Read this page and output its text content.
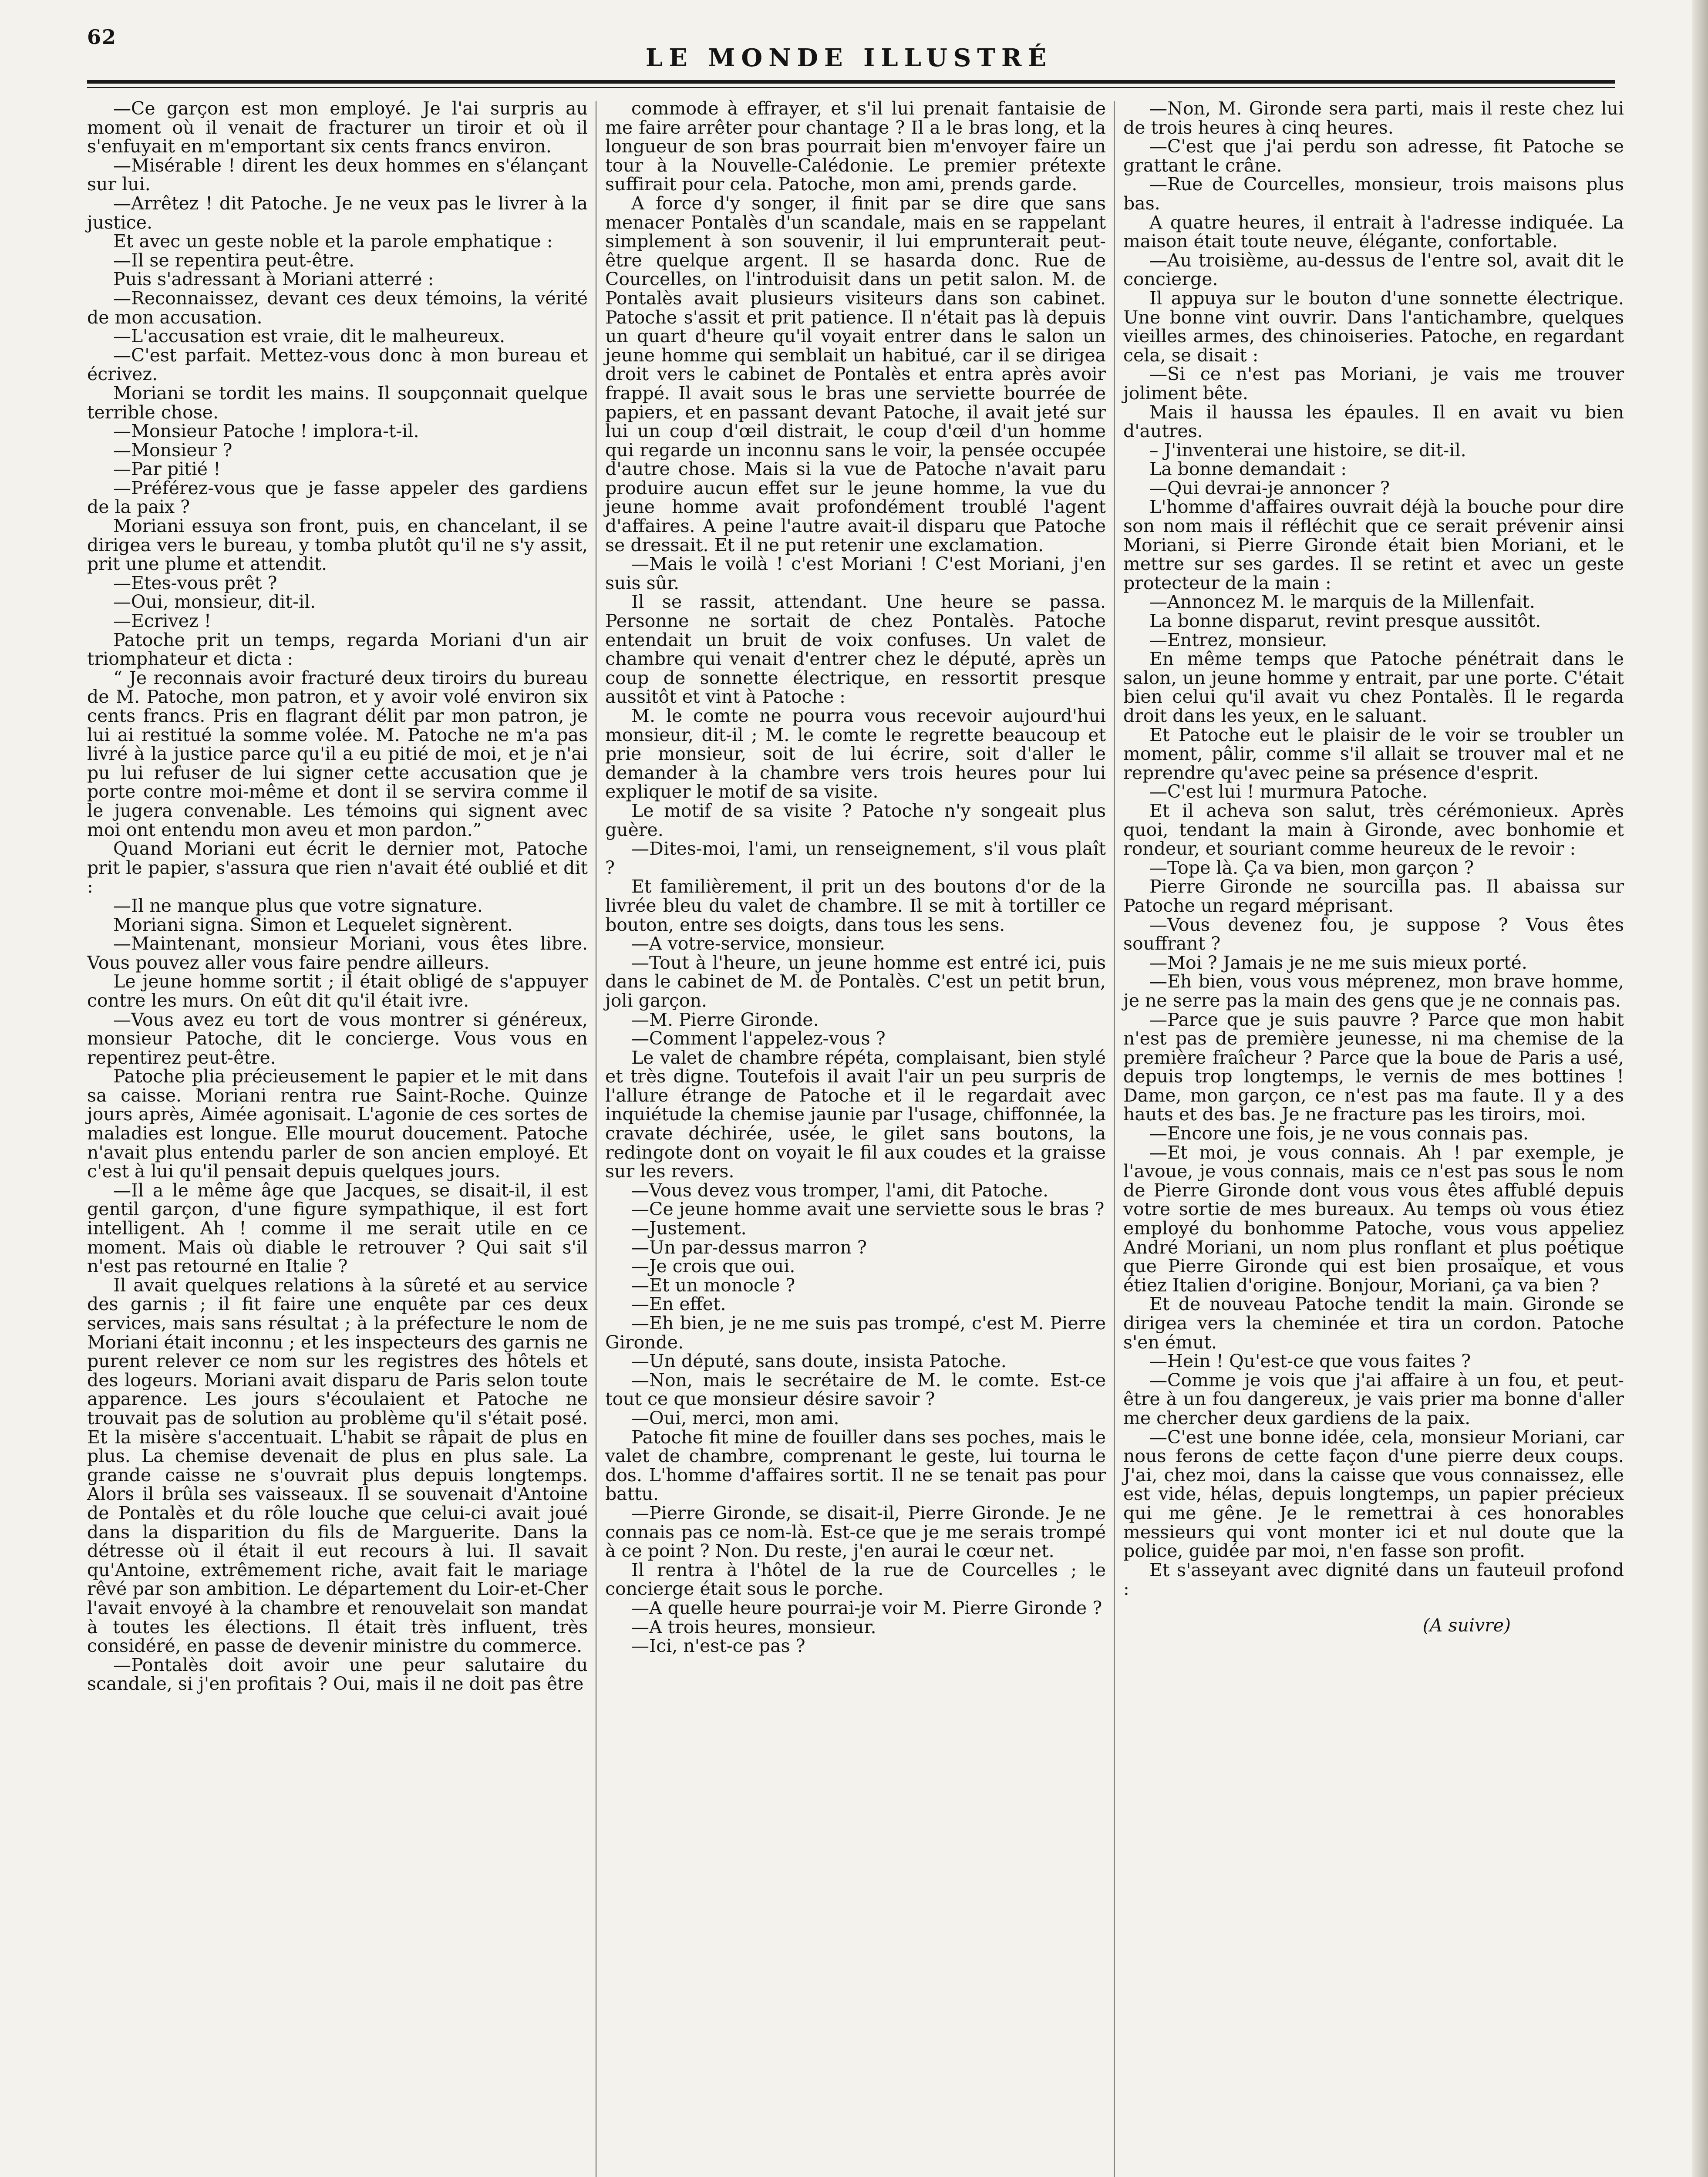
62
LE MONDE ILLUSTRÉ

—Ce garçon est mon employé. Je l'ai surpris au moment où il venait de fracturer un tiroir et où il s'enfuyait en m'emportant six cents francs environ.

—Misérable ! dirent les deux hommes en s'élançant sur lui.

—Arrêtez ! dit Patoche. Je ne veux pas le livrer à la justice.

Et avec un geste noble et la parole emphatique :

—Il se repentira peut-être.

Puis s'adressant à Moriani atterré :

—Reconnaissez, devant ces deux témoins, la vérité de mon accusation.

—L'accusation est vraie, dit le malheureux.

—C'est parfait. Mettez-vous donc à mon bureau et écrivez.

Moriani se tordit les mains. Il soupçonnait quelque terrible chose.

—Monsieur Patoche ! implora-t-il.

—Monsieur ?

—Par pitié !

—Préférez-vous que je fasse appeler des gardiens de la paix ?

Moriani essuya son front, puis, en chancelant, il se dirigea vers le bureau, y tomba plutôt qu'il ne s'y assit, prit une plume et attendit.

—Etes-vous prêt ?

—Oui, monsieur, dit-il.

—Ecrivez !

Patoche prit un temps, regarda Moriani d'un air triomphateur et dicta :

“ Je reconnais avoir fracturé deux tiroirs du bureau de M. Patoche, mon patron, et y avoir volé environ six cents francs. Pris en flagrant délit par mon patron, je lui ai restitué la somme volée. M. Patoche ne m'a pas livré à la justice parce qu'il a eu pitié de moi, et je n'ai pu lui refuser de lui signer cette accusation que je porte contre moi-même et dont il se servira comme il le jugera convenable. Les témoins qui signent avec moi ont entendu mon aveu et mon pardon.”

Quand Moriani eut écrit le dernier mot, Patoche prit le papier, s'assura que rien n'avait été oublié et dit :

—Il ne manque plus que votre signature.

Moriani signa. Simon et Lequelet signèrent.

—Maintenant, monsieur Moriani, vous êtes libre. Vous pouvez aller vous faire pendre ailleurs.

Le jeune homme sortit ; il était obligé de s'appuyer contre les murs. On eût dit qu'il était ivre.

—Vous avez eu tort de vous montrer si généreux, monsieur Patoche, dit le concierge. Vous vous en repentirez peut-être.

Patoche plia précieusement le papier et le mit dans sa caisse. Moriani rentra rue Saint-Roche. Quinze jours après, Aimée agonisait. L'agonie de ces sortes de maladies est longue. Elle mourut doucement. Patoche n'avait plus entendu parler de son ancien employé. Et c'est à lui qu'il pensait depuis quelques jours.

—Il a le même âge que Jacques, se disait-il, il est gentil garçon, d'une figure sympathique, il est fort intelligent. Ah ! comme il me serait utile en ce moment. Mais où diable le retrouver ? Qui sait s'il n'est pas retourné en Italie ?

Il avait quelques relations à la sûreté et au service des garnis ; il fit faire une enquête par ces deux services, mais sans résultat ; à la préfecture le nom de Moriani était inconnu ; et les inspecteurs des garnis ne purent relever ce nom sur les registres des hôtels et des logeurs. Moriani avait disparu de Paris selon toute apparence. Les jours s'écoulaient et Patoche ne trouvait pas de solution au problème qu'il s'était posé. Et la misère s'accentuait. L'habit se râpait de plus en plus. La chemise devenait de plus en plus sale. La grande caisse ne s'ouvrait plus depuis longtemps. Alors il brûla ses vaisseaux. Il se souvenait d'Antoine de Pontalès et du rôle louche que celui-ci avait joué dans la disparition du fils de Marguerite. Dans la détresse où il était il eut recours à lui. Il savait qu'Antoine, extrêmement riche, avait fait le mariage rêvé par son ambition. Le département du Loir-et-Cher l'avait envoyé à la chambre et renouvelait son mandat à toutes les élections. Il était très influent, très considéré, en passe de devenir ministre du commerce.

—Pontalès doit avoir une peur salutaire du scandale, si j'en profitais ? Oui, mais il ne doit pas être

commode à effrayer, et s'il lui prenait fantaisie de me faire arrêter pour chantage ? Il a le bras long, et la longueur de son bras pourrait bien m'envoyer faire un tour à la Nouvelle-Calédonie. Le premier prétexte suffirait pour cela. Patoche, mon ami, prends garde.

A force d'y songer, il finit par se dire que sans menacer Pontalès d'un scandale, mais en se rappelant simplement à son souvenir, il lui emprunterait peut-être quelque argent. Il se hasarda donc. Rue de Courcelles, on l'introduisit dans un petit salon. M. de Pontalès avait plusieurs visiteurs dans son cabinet. Patoche s'assit et prit patience. Il n'était pas là depuis un quart d'heure qu'il voyait entrer dans le salon un jeune homme qui semblait un habitué, car il se dirigea droit vers le cabinet de Pontalès et entra après avoir frappé. Il avait sous le bras une serviette bourrée de papiers, et en passant devant Patoche, il avait jeté sur lui un coup d'œil distrait, le coup d'œil d'un homme qui regarde un inconnu sans le voir, la pensée occupée d'autre chose. Mais si la vue de Patoche n'avait paru produire aucun effet sur le jeune homme, la vue du jeune homme avait profondément troublé l'agent d'affaires. A peine l'autre avait-il disparu que Patoche se dressait. Et il ne put retenir une exclamation.

—Mais le voilà ! c'est Moriani ! C'est Moriani, j'en suis sûr.

Il se rassit, attendant. Une heure se passa. Personne ne sortait de chez Pontalès. Patoche entendait un bruit de voix confuses. Un valet de chambre qui venait d'entrer chez le député, après un coup de sonnette électrique, en ressortit presque aussitôt et vint à Patoche :

M. le comte ne pourra vous recevoir aujourd'hui monsieur, dit-il ; M. le comte le regrette beaucoup et prie monsieur, soit de lui écrire, soit d'aller le demander à la chambre vers trois heures pour lui expliquer le motif de sa visite.

Le motif de sa visite ? Patoche n'y songeait plus guère.

—Dites-moi, l'ami, un renseignement, s'il vous plaît ?

Et familièrement, il prit un des boutons d'or de la livrée bleu du valet de chambre. Il se mit à tortiller ce bouton, entre ses doigts, dans tous les sens.

—A votre-service, monsieur.

—Tout à l'heure, un jeune homme est entré ici, puis dans le cabinet de M. de Pontalès. C'est un petit brun, joli garçon.

—M. Pierre Gironde.

—Comment l'appelez-vous ?

Le valet de chambre répéta, complaisant, bien stylé et très digne. Toutefois il avait l'air un peu surpris de l'allure étrange de Patoche et il le regardait avec inquiétude la chemise jaunie par l'usage, chiffonnée, la cravate déchirée, usée, le gilet sans boutons, la redingote dont on voyait le fil aux coudes et la graisse sur les revers.

—Vous devez vous tromper, l'ami, dit Patoche.

—Ce jeune homme avait une serviette sous le bras ?

—Justement.

—Un par-dessus marron ?

—Je crois que oui.

—Et un monocle ?

—En effet.

—Eh bien, je ne me suis pas trompé, c'est M. Pierre Gironde.

—Un député, sans doute, insista Patoche.

—Non, mais le secrétaire de M. le comte. Est-ce tout ce que monsieur désire savoir ?

—Oui, merci, mon ami.

Patoche fit mine de fouiller dans ses poches, mais le valet de chambre, comprenant le geste, lui tourna le dos. L'homme d'affaires sortit. Il ne se tenait pas pour battu.

—Pierre Gironde, se disait-il, Pierre Gironde. Je ne connais pas ce nom-là. Est-ce que je me serais trompé à ce point ? Non. Du reste, j'en aurai le cœur net.

Il rentra à l'hôtel de la rue de Courcelles ; le concierge était sous le porche.

—A quelle heure pourrai-je voir M. Pierre Gironde ?

—A trois heures, monsieur.

—Ici, n'est-ce pas ?

—Non, M. Gironde sera parti, mais il reste chez lui de trois heures à cinq heures.

—C'est que j'ai perdu son adresse, fit Patoche se grattant le crâne.

—Rue de Courcelles, monsieur, trois maisons plus bas.

A quatre heures, il entrait à l'adresse indiquée. La maison était toute neuve, élégante, confortable.

—Au troisième, au-dessus de l'entre sol, avait dit le concierge.

Il appuya sur le bouton d'une sonnette électrique. Une bonne vint ouvrir. Dans l'antichambre, quelques vieilles armes, des chinoiseries. Patoche, en regardant cela, se disait :

—Si ce n'est pas Moriani, je vais me trouver joliment bête.

Mais il haussa les épaules. Il en avait vu bien d'autres.

– J'inventerai une histoire, se dit-il.

La bonne demandait :

—Qui devrai-je annoncer ?

L'homme d'affaires ouvrait déjà la bouche pour dire son nom mais il réfléchit que ce serait prévenir ainsi Moriani, si Pierre Gironde était bien Moriani, et le mettre sur ses gardes. Il se retint et avec un geste protecteur de la main :

—Annoncez M. le marquis de la Millenfait.

La bonne disparut, revint presque aussitôt.

—Entrez, monsieur.

En même temps que Patoche pénétrait dans le salon, un jeune homme y entrait, par une porte. C'était bien celui qu'il avait vu chez Pontalès. Il le regarda droit dans les yeux, en le saluant.

Et Patoche eut le plaisir de le voir se troubler un moment, pâlir, comme s'il allait se trouver mal et ne reprendre qu'avec peine sa présence d'esprit.

—C'est lui ! murmura Patoche.

Et il acheva son salut, très cérémonieux. Après quoi, tendant la main à Gironde, avec bonhomie et rondeur, et souriant comme heureux de le revoir :

—Tope là. Ça va bien, mon garçon ?

Pierre Gironde ne sourcilla pas. Il abaissa sur Patoche un regard méprisant.

—Vous devenez fou, je suppose ? Vous êtes souffrant ?

—Moi ? Jamais je ne me suis mieux porté.

—Eh bien, vous vous méprenez, mon brave homme, je ne serre pas la main des gens que je ne connais pas.

—Parce que je suis pauvre ? Parce que mon habit n'est pas de première jeunesse, ni ma chemise de la première fraîcheur ? Parce que la boue de Paris a usé, depuis trop longtemps, le vernis de mes bottines ! Dame, mon garçon, ce n'est pas ma faute. Il y a des hauts et des bas. Je ne fracture pas les tiroirs, moi.

—Encore une fois, je ne vous connais pas.

—Et moi, je vous connais. Ah ! par exemple, je l'avoue, je vous connais, mais ce n'est pas sous le nom de Pierre Gironde dont vous vous êtes affublé depuis votre sortie de mes bureaux. Au temps où vous étiez employé du bonhomme Patoche, vous vous appeliez André Moriani, un nom plus ronflant et plus poétique que Pierre Gironde qui est bien prosaïque, et vous étiez Italien d'origine. Bonjour, Moriani, ça va bien ?

Et de nouveau Patoche tendit la main. Gironde se dirigea vers la cheminée et tira un cordon. Patoche s'en émut.

—Hein ! Qu'est-ce que vous faites ?

—Comme je vois que j'ai affaire à un fou, et peut-être à un fou dangereux, je vais prier ma bonne d'aller me chercher deux gardiens de la paix.

—C'est une bonne idée, cela, monsieur Moriani, car nous ferons de cette façon d'une pierre deux coups. J'ai, chez moi, dans la caisse que vous connaissez, elle est vide, hélas, depuis longtemps, un papier précieux qui me gêne. Je le remettrai à ces honorables messieurs qui vont monter ici et nul doute que la police, guidée par moi, n'en fasse son profit.

Et s'asseyant avec dignité dans un fauteuil profond :

(A suivre)
